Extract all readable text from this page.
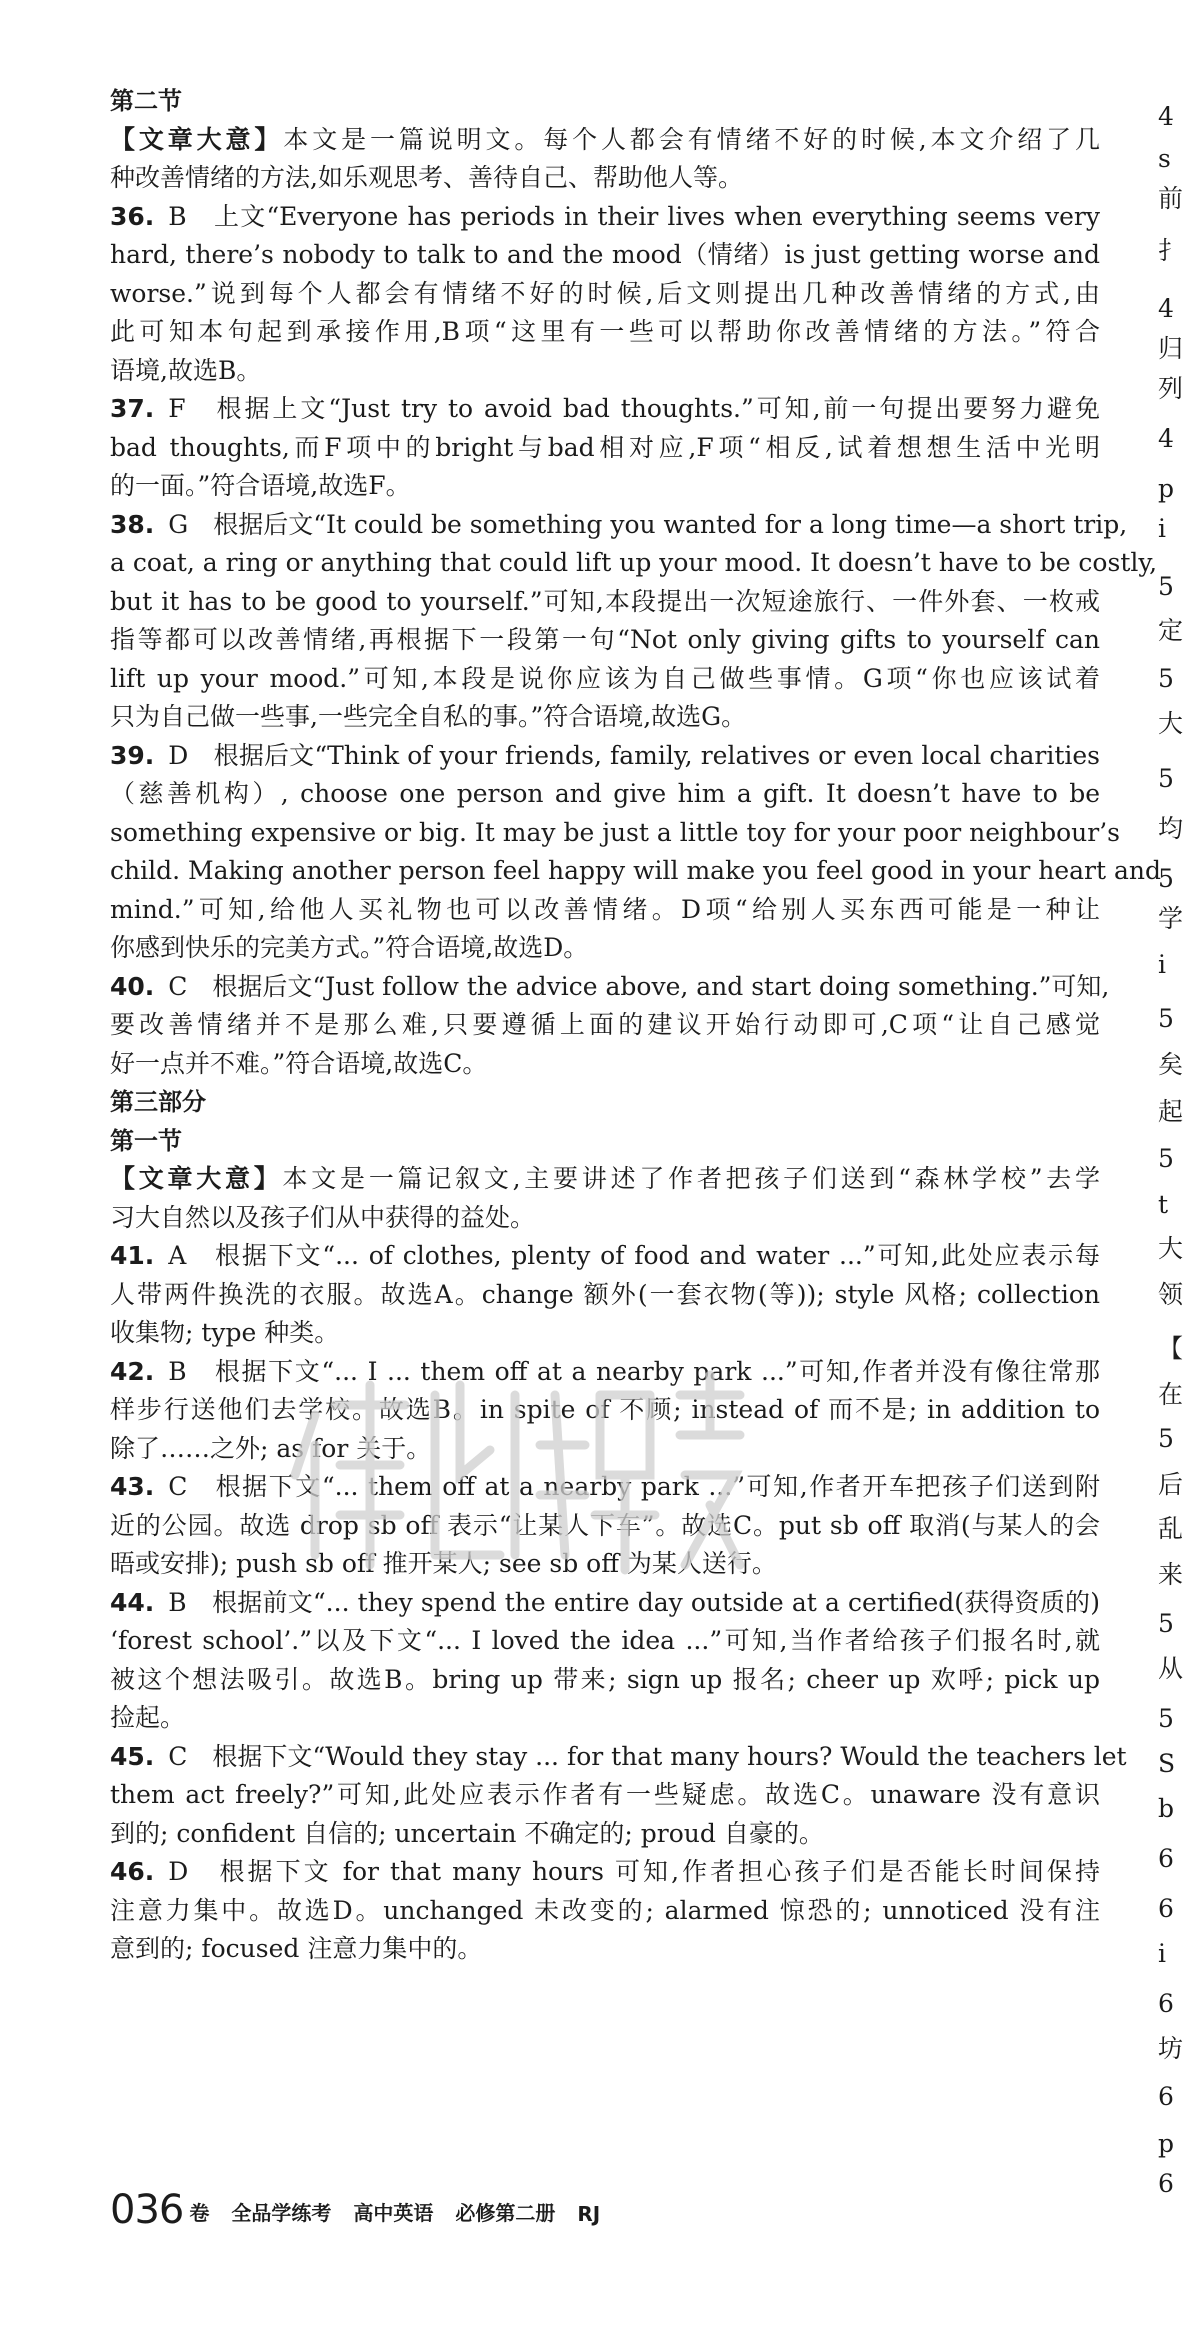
第二节
【文章大意】本文是一篇说明文。每个人都会有情绪不好的时候,本文介绍了几
种改善情绪的方法,如乐观思考、善待自己、帮助他人等。
36. B　上文“Everyone has periods in their lives when everything seems very
hard, there’s nobody to talk to and the mood（情绪）is just getting worse and
worse.”说到每个人都会有情绪不好的时候,后文则提出几种改善情绪的方式,由
此可知本句起到承接作用,B项“这里有一些可以帮助你改善情绪的方法。”符合
语境,故选B。
37. F　根据上文“Just try to avoid bad thoughts.”可知,前一句提出要努力避免
bad thoughts,而F项中的bright与bad相对应,F项“相反,试着想想生活中光明
的一面。”符合语境,故选F。
38. G　根据后文“It could be something you wanted for a long time—a short trip,
a coat, a ring or anything that could lift up your mood. It doesn’t have to be costly,
but it has to be good to yourself.”可知,本段提出一次短途旅行、一件外套、一枚戒
指等都可以改善情绪,再根据下一段第一句“Not only giving gifts to yourself can
lift up your mood.”可知,本段是说你应该为自己做些事情。G项“你也应该试着
只为自己做一些事,一些完全自私的事。”符合语境,故选G。
39. D　根据后文“Think of your friends, family, relatives or even local charities
（慈善机构）, choose one person and give him a gift. It doesn’t have to be
something expensive or big. It may be just a little toy for your poor neighbour’s
child. Making another person feel happy will make you feel good in your heart and
mind.”可知,给他人买礼物也可以改善情绪。D项“给别人买东西可能是一种让
你感到快乐的完美方式。”符合语境,故选D。
40. C　根据后文“Just follow the advice above, and start doing something.”可知,
要改善情绪并不是那么难,只要遵循上面的建议开始行动即可,C项“让自己感觉
好一点并不难。”符合语境,故选C。
第三部分
第一节
【文章大意】本文是一篇记叙文,主要讲述了作者把孩子们送到“森林学校”去学
习大自然以及孩子们从中获得的益处。
41. A　根据下文“... of clothes, plenty of food and water ...”可知,此处应表示每
人带两件换洗的衣服。故选A。change 额外(一套衣物(等)); style 风格; collection
收集物; type 种类。
42. B　根据下文“... I ... them off at a nearby park ...”可知,作者并没有像往常那
样步行送他们去学校。故选B。in spite of 不顾; instead of 而不是; in addition to
除了……之外; as for 关于。
43. C　根据下文“... them off at a nearby park ...”可知,作者开车把孩子们送到附
近的公园。故选 drop sb off 表示“让某人下车”。故选C。put sb off 取消(与某人的会
晤或安排); push sb off 推开某人; see sb off 为某人送行。
44. B　根据前文“... they spend the entire day outside at a certified(获得资质的)
‘forest school’.”以及下文“... I loved the idea ...”可知,当作者给孩子们报名时,就
被这个想法吸引。故选B。bring up 带来; sign up 报名; cheer up 欢呼; pick up
捡起。
45. C　根据下文“Would they stay ... for that many hours? Would the teachers let
them act freely?”可知,此处应表示作者有一些疑虑。故选C。unaware 没有意识
到的; confident 自信的; uncertain 不确定的; proud 自豪的。
46. D　根据下文 for that many hours 可知,作者担心孩子们是否能长时间保持
注意力集中。故选D。unchanged 未改变的; alarmed 惊恐的; unnoticed 没有注
意到的; focused 注意力集中的。
4
s
前
扌
4
归
列
4
p
i
5
定
5
大
5
均
5
学
i
5
矣
起
5
t
大
领
【
在
5
后
乱
来
5
从
5
S
b
6
6
i
6
坊
6
p
6
036 卷 全品学练考 高中英语 必修第二册 RJ
